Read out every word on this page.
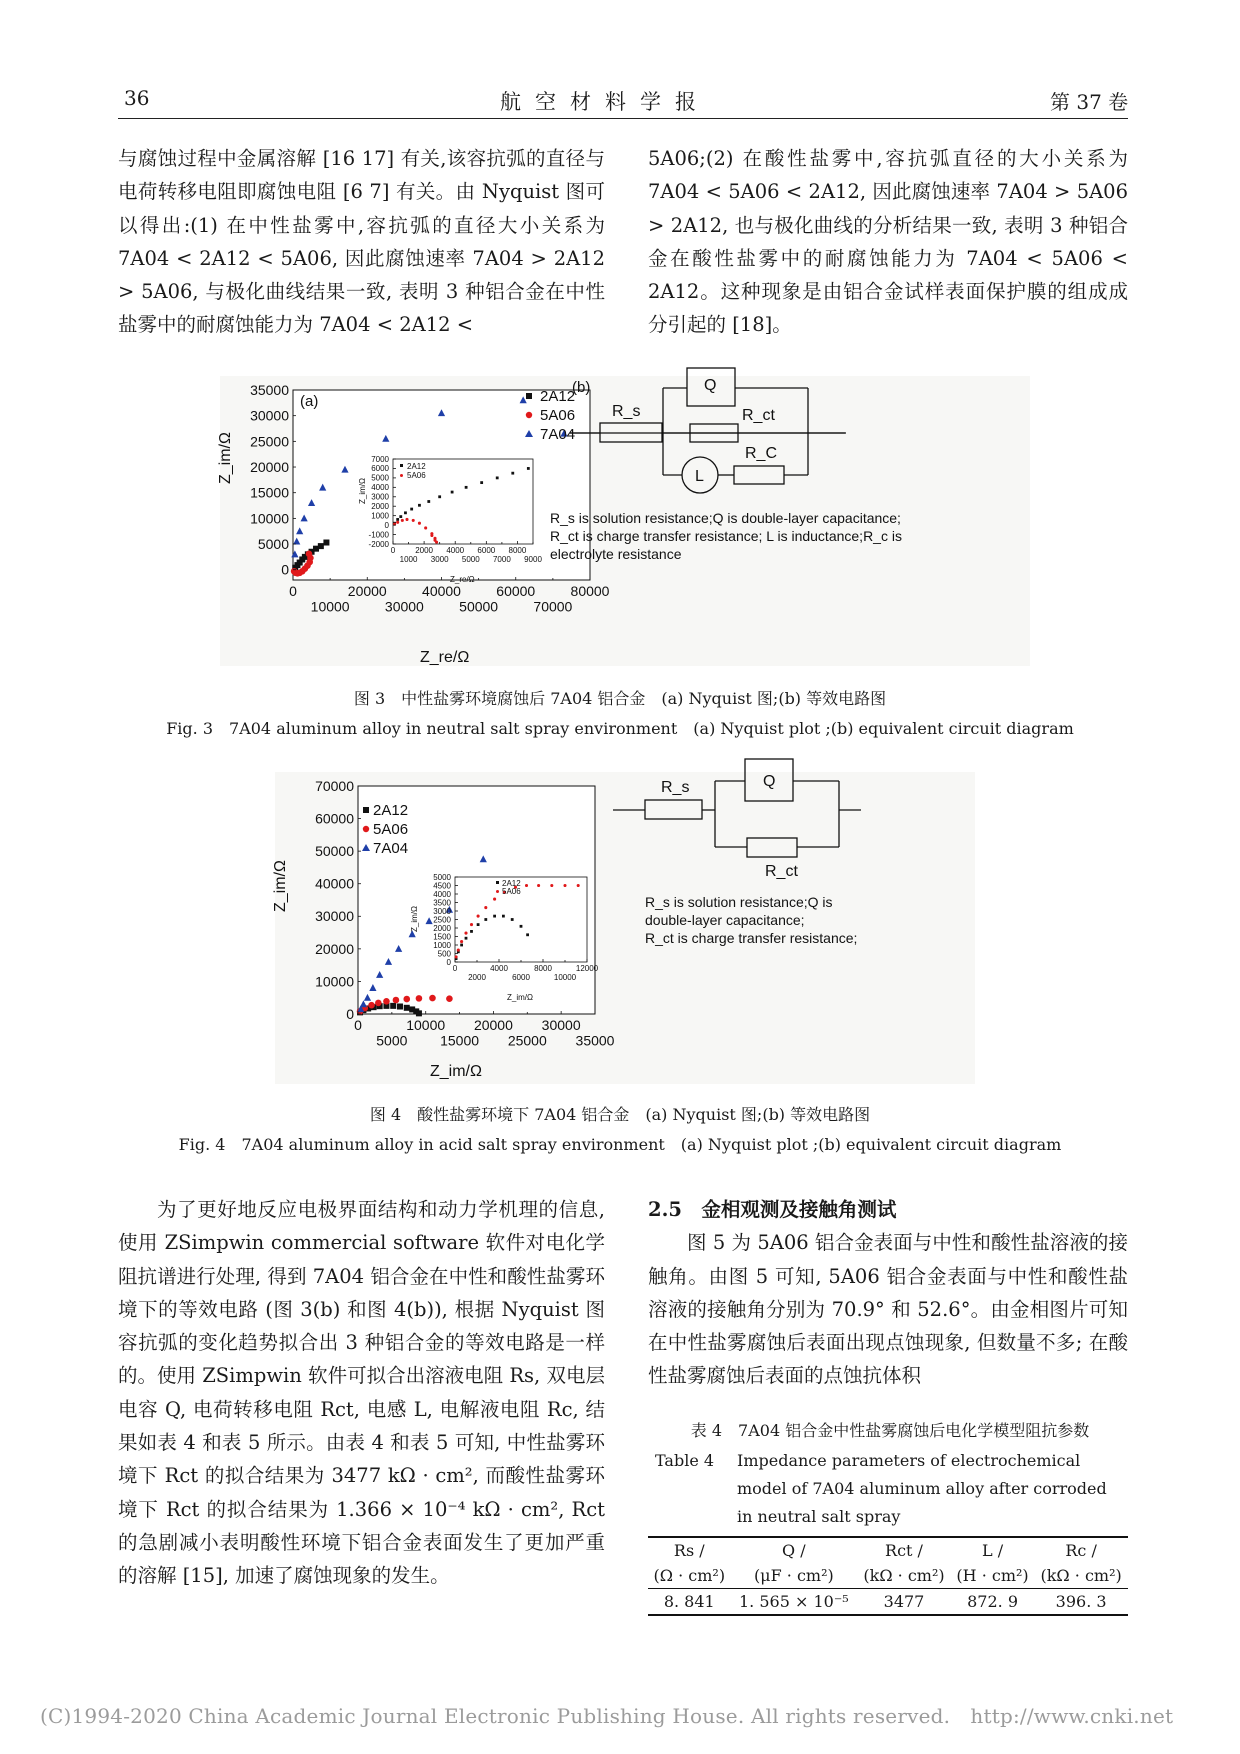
36	航空材料学报	第 37 卷

与腐蚀过程中金属溶解 [16 17] 有关,该容抗弧的直径与电荷转移电阻即腐蚀电阻 [6 7] 有关。由 Nyquist 图可以得出:(1) 在中性盐雾中,容抗弧的直径大小关系为 7A04 < 2A12 < 5A06, 因此腐蚀速率 7A04 > 2A12 > 5A06, 与极化曲线结果一致, 表明 3 种铝合金在中性盐雾中的耐腐蚀能力为 7A04 < 2A12 <

5A06;(2) 在酸性盐雾中,容抗弧直径的大小关系为 7A04 < 5A06 < 2A12, 因此腐蚀速率 7A04 > 5A06 > 2A12, 也与极化曲线的分析结果一致, 表明 3 种铝合金在酸性盐雾中的耐腐蚀能力为 7A04 < 5A06 < 2A12。这种现象是由铝合金试样表面保护膜的组成成分引起的 [18]。

(a)
0
5000
10000
15000
20000
25000
30000
35000
0	20000	40000	60000	80000
10000	30000	50000	70000
Z_im/Ω
Z_re/Ω
2A12
5A06
7A04
-2000
-1000
0
1000
2000
3000
4000
5000
6000
7000
0 2000 4000 6000 8000
1000 3000 5000 7000 9000
2A12
5A06
Z_im/Ω
Z_re/Ω
(b)	Q
R_s	R_ct
L
R_C
R_s is solution resistance;Q is double-layer capacitance;
R_ct is charge transfer resistance; L is inductance;R_c is
electrolyte resistance
图 3　中性盐雾环境腐蚀后 7A04 铝合金　(a) Nyquist 图;(b) 等效电路图
Fig. 3　7A04 aluminum alloy in neutral salt spray environment　(a) Nyquist plot ;(b) equivalent circuit diagram
0
10000
20000
30000
40000
50000
60000
70000
0	10000 20000 30000
5000 15000 25000 35000
Z_im/Ω
Z_im/Ω
2A12
5A06
7A04
0
500
1000
1500
2000
2500
3000
3500
4000
4500
5000
0	4000	8000	12000
2000	6000	10000
2A12
5A06
Z_im/Ω
Z_im/Ω
R_s	Q
R_ct
R_s is solution resistance;Q is
double-layer capacitance;
R_ct is charge transfer resistance;
图 4　酸性盐雾环境下 7A04 铝合金　(a) Nyquist 图;(b) 等效电路图
Fig. 4　7A04 aluminum alloy in acid salt spray environment　(a) Nyquist plot ;(b) equivalent circuit diagram

为了更好地反应电极界面结构和动力学机理的信息, 使用 ZSimpwin commercial software 软件对电化学阻抗谱进行处理, 得到 7A04 铝合金在中性和酸性盐雾环境下的等效电路 (图 3(b) 和图 4(b)), 根据 Nyquist 图容抗弧的变化趋势拟合出 3 种铝合金的等效电路是一样的。使用 ZSimpwin 软件可拟合出溶液电阻 Rs, 双电层电容 Q, 电荷转移电阻 Rct, 电感 L, 电解液电阻 Rc, 结果如表 4 和表 5 所示。由表 4 和表 5 可知, 中性盐雾环境下 Rct 的拟合结果为 3477 kΩ · cm², 而酸性盐雾环境下 Rct 的拟合结果为 1.366 × 10⁻⁴ kΩ · cm², Rct 的急剧减小表明酸性环境下铝合金表面发生了更加严重的溶解 [15], 加速了腐蚀现象的发生。

2.5　金相观测及接触角测试

图 5 为 5A06 铝合金表面与中性和酸性盐溶液的接触角。由图 5 可知, 5A06 铝合金表面与中性和酸性盐溶液的接触角分别为 70.9° 和 52.6°。由金相图片可知在中性盐雾腐蚀后表面出现点蚀现象, 但数量不多; 在酸性盐雾腐蚀后表面的点蚀抗体积

表 4　7A04 铝合金中性盐雾腐蚀后电化学模型阻抗参数
Table 4 Impedance parameters of electrochemical model of 7A04 aluminum alloy after corroded in neutral salt spray
Rs /	Q /	Rct /	L /	Rc /
(Ω · cm²)	(μF · cm²)	(kΩ · cm²)	(H · cm²)	(kΩ · cm²)
8. 841	1. 565 × 10⁻⁵	3477	872. 9	396. 3
(C)1994-2020 China Academic Journal Electronic Publishing House. All rights reserved.　http://www.cnki.net
